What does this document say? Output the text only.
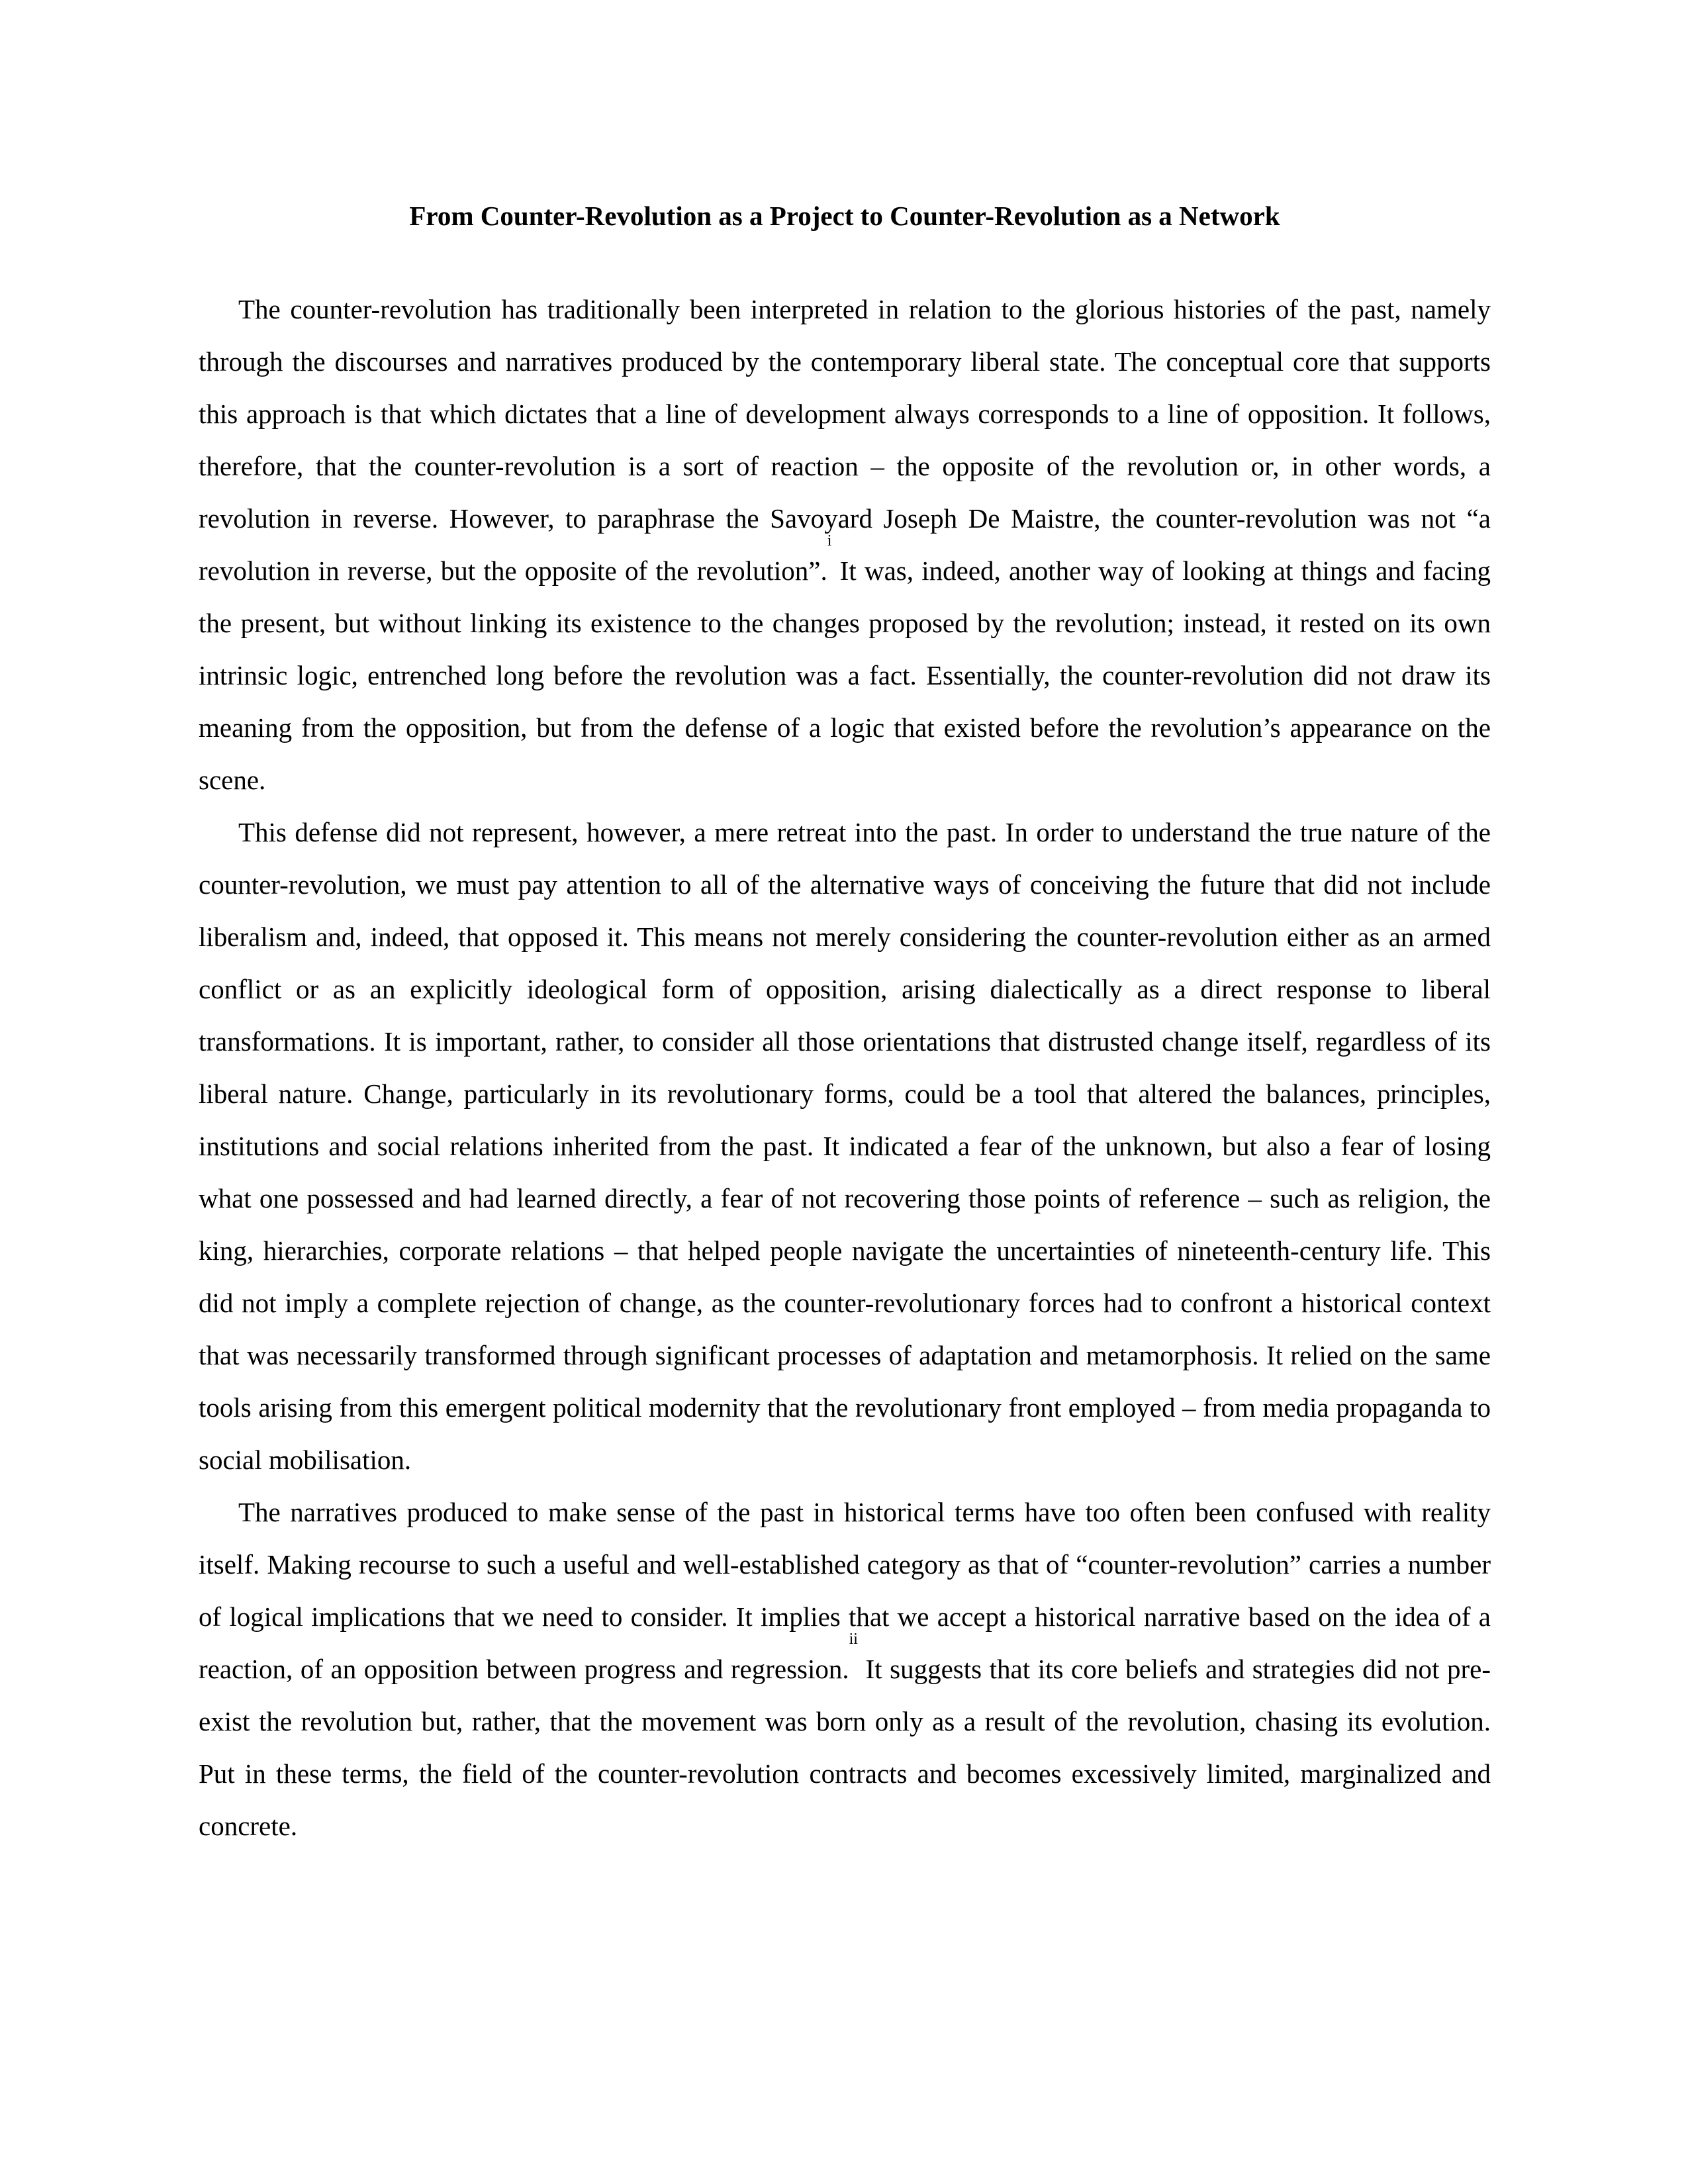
From Counter-Revolution as a Project to Counter-Revolution as a Network

The counter-revolution has traditionally been interpreted in relation to the glorious histories of the past, namely through the discourses and narratives produced by the contemporary liberal state. The conceptual core that supports this approach is that which dictates that a line of development always corresponds to a line of opposition. It follows, therefore, that the counter-revolution is a sort of reaction – the opposite of the revolution or, in other words, a revolution in reverse. However, to paraphrase the Savoyard Joseph De Maistre, the counter-revolution was not “a revolution in reverse, but the opposite of the revolution”.$^i$ It was, indeed, another way of looking at things and facing the present, but without linking its existence to the changes proposed by the revolution; instead, it rested on its own intrinsic logic, entrenched long before the revolution was a fact. Essentially, the counter-revolution did not draw its meaning from the opposition, but from the defense of a logic that existed before the revolution’s appearance on the scene.

This defense did not represent, however, a mere retreat into the past. In order to understand the true nature of the counter-revolution, we must pay attention to all of the alternative ways of conceiving the future that did not include liberalism and, indeed, that opposed it. This means not merely considering the counter-revolution either as an armed conflict or as an explicitly ideological form of opposition, arising dialectically as a direct response to liberal transformations. It is important, rather, to consider all those orientations that distrusted change itself, regardless of its liberal nature. Change, particularly in its revolutionary forms, could be a tool that altered the balances, principles, institutions and social relations inherited from the past. It indicated a fear of the unknown, but also a fear of losing what one possessed and had learned directly, a fear of not recovering those points of reference – such as religion, the king, hierarchies, corporate relations – that helped people navigate the uncertainties of nineteenth-century life. This did not imply a complete rejection of change, as the counter-revolutionary forces had to confront a historical context that was necessarily transformed through significant processes of adaptation and metamorphosis. It relied on the same tools arising from this emergent political modernity that the revolutionary front employed – from media propaganda to social mobilisation.

The narratives produced to make sense of the past in historical terms have too often been confused with reality itself. Making recourse to such a useful and well-established category as that of “counter-revolution” carries a number of logical implications that we need to consider. It implies that we accept a historical narrative based on the idea of a reaction, of an opposition between progress and regression.$^{ii}$ It suggests that its core beliefs and strategies did not pre-exist the revolution but, rather, that the movement was born only as a result of the revolution, chasing its evolution. Put in these terms, the field of the counter-revolution contracts and becomes excessively limited, marginalized and concrete.
